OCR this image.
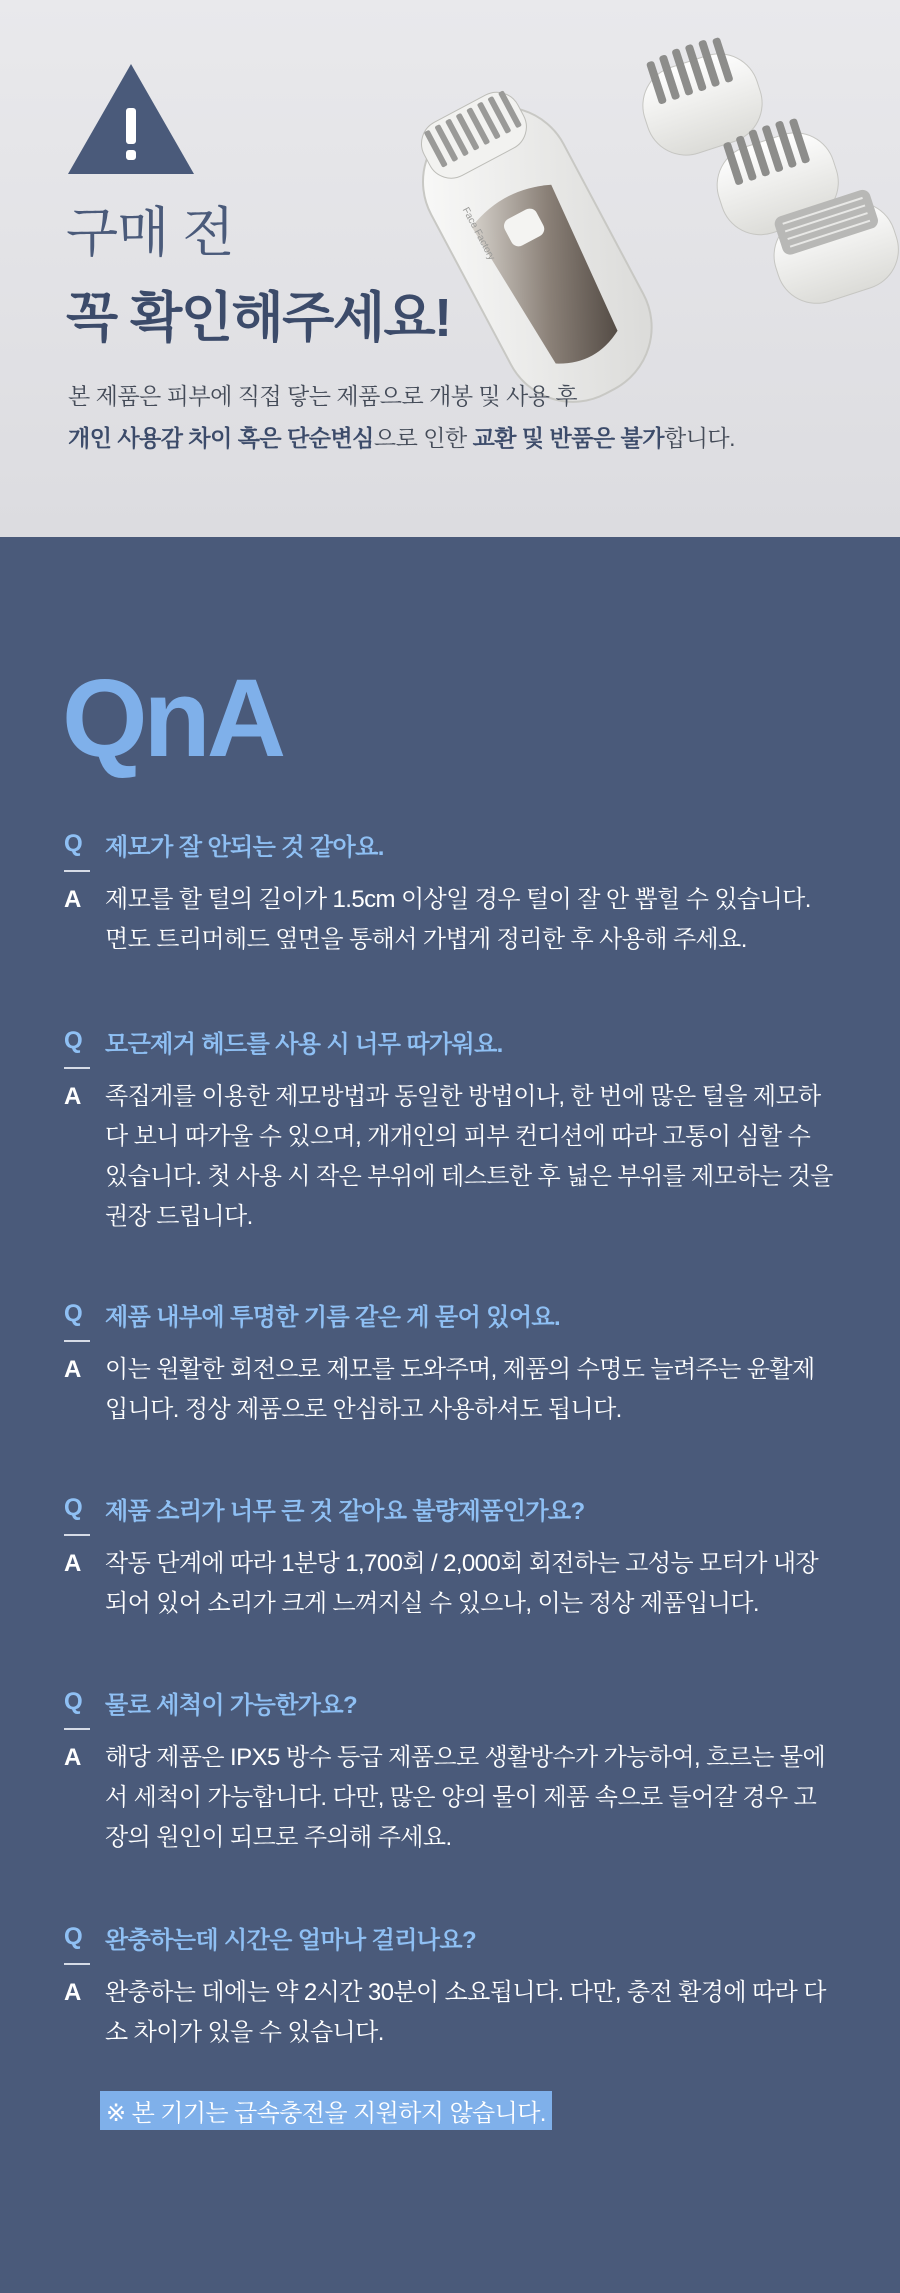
Face Factory
구매 전
꼭 확인해주세요!
본 제품은 피부에 직접 닿는 제품으로 개봉 및 사용 후
개인 사용감 차이 혹은 단순변심으로 인한 교환 및 반품은 불가합니다.
QnA
Q 제모가 잘 안되는 것 같아요.
A 제모를 할 털의 길이가 1.5cm 이상일 경우 털이 잘 안 뽑힐 수 있습니다. 면도 트리머헤드 옆면을 통해서 가볍게 정리한 후 사용해 주세요.
Q 모근제거 헤드를 사용 시 너무 따가워요.
A 족집게를 이용한 제모방법과 동일한 방법이나, 한 번에 많은 털을 제모하다 보니 따가울 수 있으며, 개개인의 피부 컨디션에 따라 고통이 심할 수 있습니다. 첫 사용 시 작은 부위에 테스트한 후 넓은 부위를 제모하는 것을 권장 드립니다.
Q 제품 내부에 투명한 기름 같은 게 묻어 있어요.
A 이는 원활한 회전으로 제모를 도와주며, 제품의 수명도 늘려주는 윤활제입니다. 정상 제품으로 안심하고 사용하셔도 됩니다.
Q 제품 소리가 너무 큰 것 같아요 불량제품인가요?
A 작동 단계에 따라 1분당 1,700회 / 2,000회 회전하는 고성능 모터가 내장되어 있어 소리가 크게 느껴지실 수 있으나, 이는 정상 제품입니다.
Q 물로 세척이 가능한가요?
A 해당 제품은 IPX5 방수 등급 제품으로 생활방수가 가능하여, 흐르는 물에서 세척이 가능합니다. 다만, 많은 양의 물이 제품 속으로 들어갈 경우 고장의 원인이 되므로 주의해 주세요.
Q 완충하는데 시간은 얼마나 걸리나요?
A 완충하는 데에는 약 2시간 30분이 소요됩니다. 다만, 충전 환경에 따라 다소 차이가 있을 수 있습니다.
※ 본 기기는 급속충전을 지원하지 않습니다.
